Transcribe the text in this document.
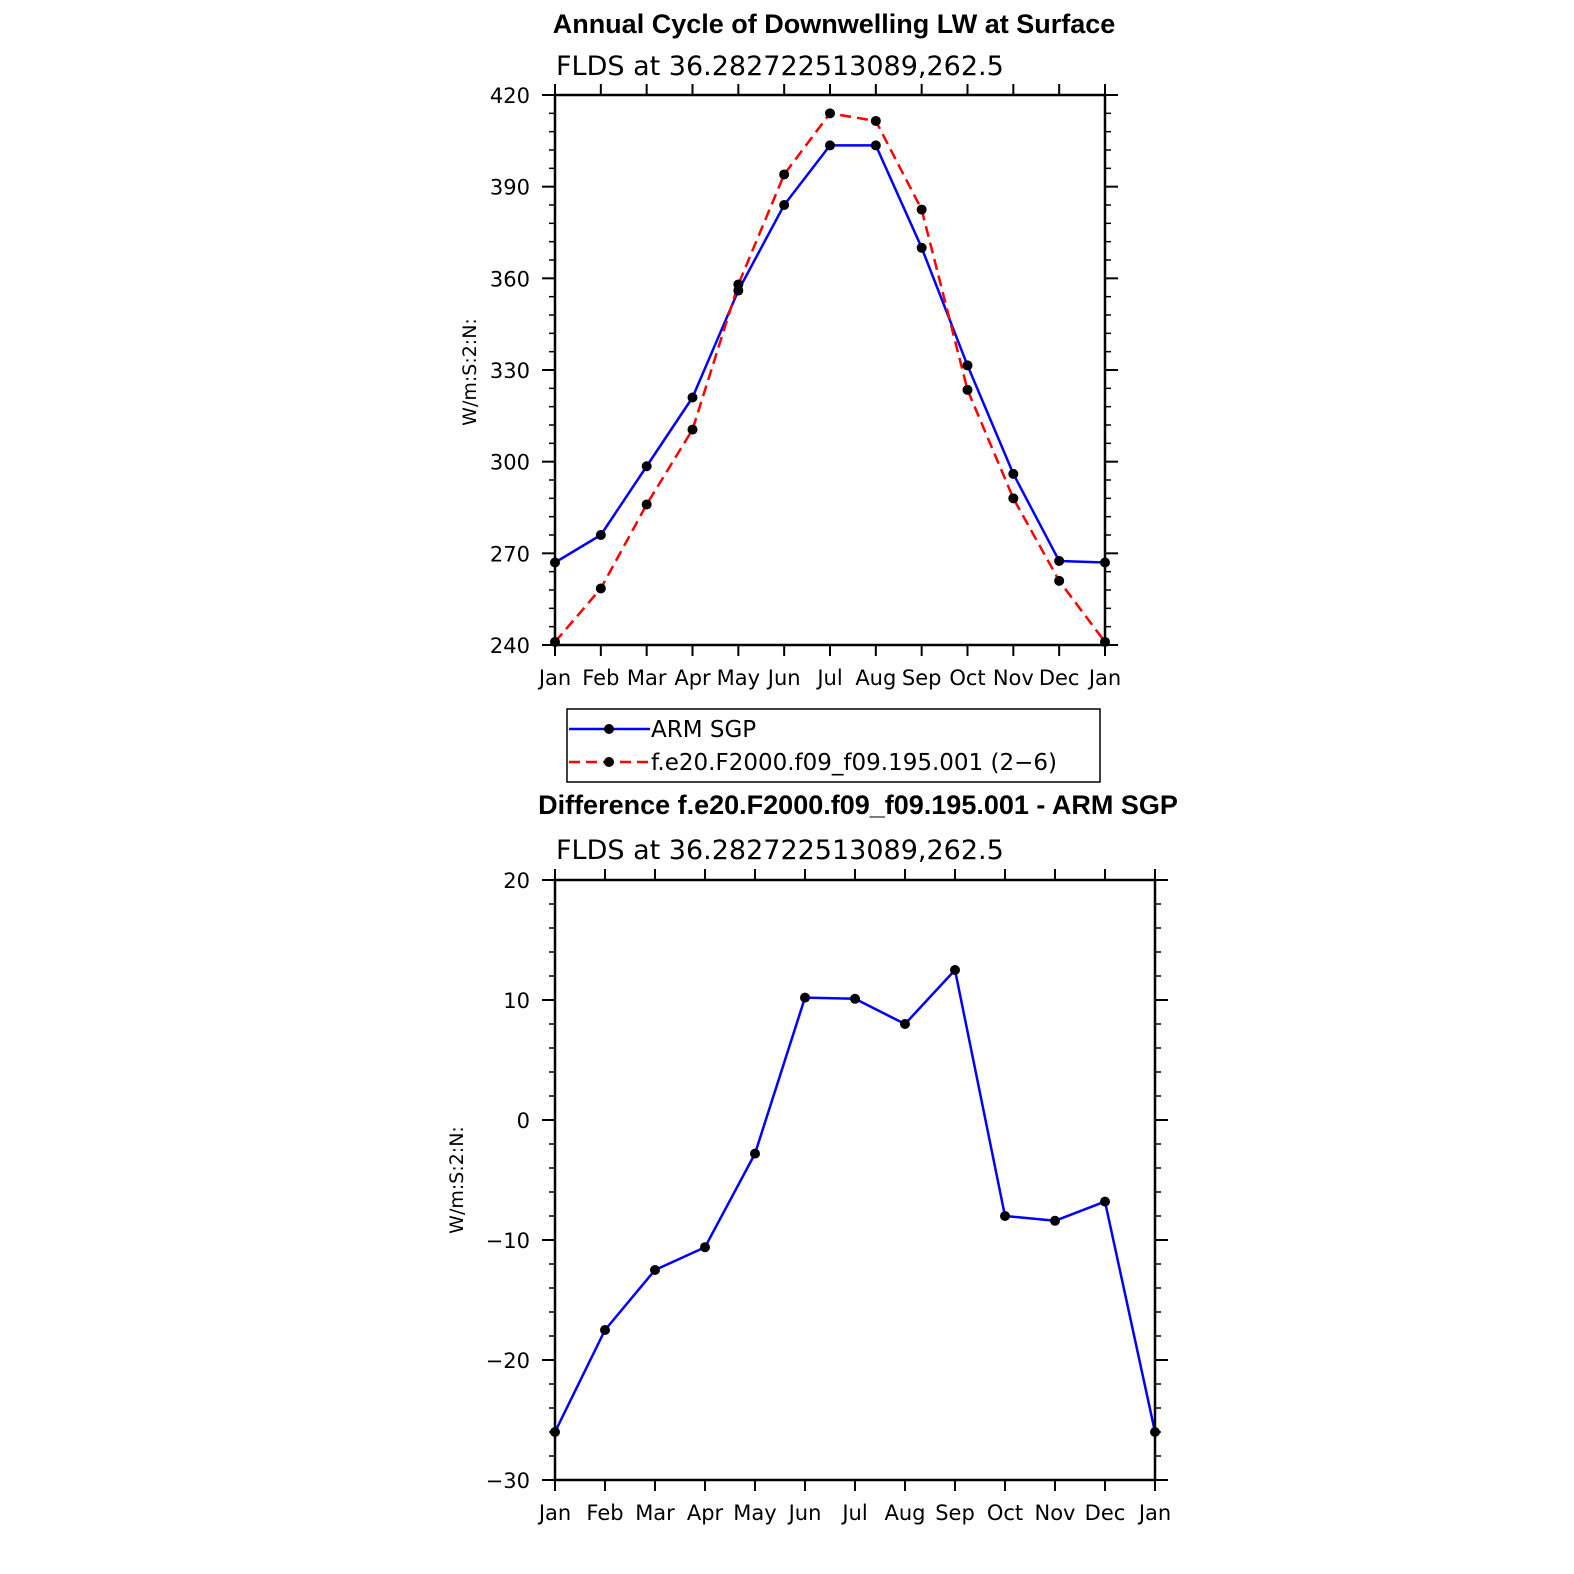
Annual Cycle of Downwelling LW at Surface
FLDS at 36.282722513089,262.5
W/m:S:2:N:
Jan Feb Mar Apr May Jun Jul Aug Sep Oct Nov Dec Jan
240
270
300
330
360
390
420
ARM SGP
f.e20.F2000.f09_f09.195.001 (2−6)
Difference f.e20.F2000.f09_f09.195.001 - ARM SGP
FLDS at 36.282722513089,262.5
W/m:S:2:N:
Jan Feb Mar Apr May Jun Jul Aug Sep Oct Nov Dec Jan
−30
−20
−10
0
10
20
